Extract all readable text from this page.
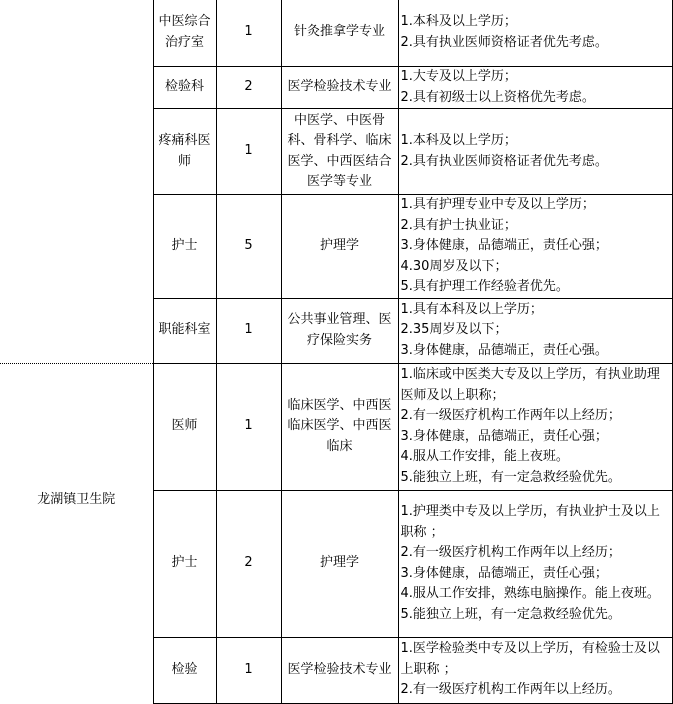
	中医综合治疗室	1	针灸推拿学专业	1.本科及以上学历；
2.具有执业医师资格证者优先考虑。

	检验科	2	医学检验技术专业	1.大专及以上学历；
2.具有初级士以上资格优先考虑。

	疼痛科医师	1	中医学、中医骨科、骨科学、临床医学、中西医结合医学等专业	1.本科及以上学历；
2.具有执业医师资格证者优先考虑。

	护士	5	护理学	1.具有护理专业中专及以上学历；
2.具有护士执业证；
3.身体健康，品德端正，责任心强；
4.30周岁及以下；
5.具有护理工作经验者优先。

	职能科室	1	公共事业管理、医疗保险实务	1.具有本科及以上学历；
2.35周岁及以下；
3.身体健康，品德端正，责任心强。

龙湖镇卫生院	医师	1	临床医学、中西医临床医学、中西医临床	1.临床或中医类大专及以上学历，有执业助理医师及以上职称；
2.有一级医疗机构工作两年以上经历；
3.身体健康，品德端正，责任心强；
4.服从工作安排，能上夜班。
5.能独立上班，有一定急救经验优先。

	护士	2	护理学	1.护理类中专及以上学历，有执业护士及以上职称 ；
2.有一级医疗机构工作两年以上经历；
3.身体健康，品德端正，责任心强；
4.服从工作安排，熟练电脑操作。能上夜班。
5.能独立上班，有一定急救经验优先。

	检验	1	医学检验技术专业	1.医学检验类中专及以上学历，有检验士及以上职称 ；
2.有一级医疗机构工作两年以上经历。
